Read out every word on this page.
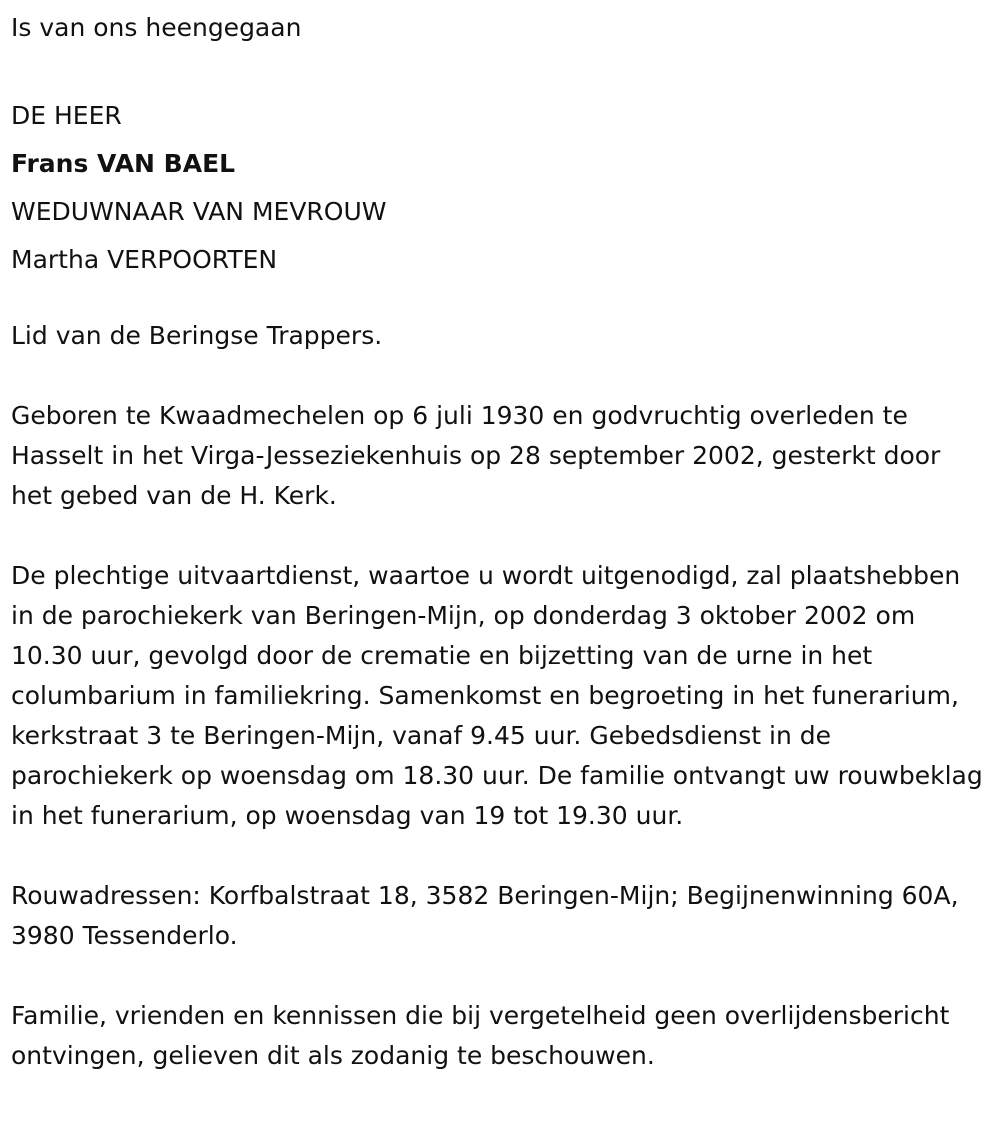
Is van ons heengegaan

DE HEER

Frans VAN BAEL

WEDUWNAAR VAN MEVROUW

Martha VERPOORTEN

Lid van de Beringse Trappers.

Geboren te Kwaadmechelen op 6 juli 1930 en godvruchtig overleden te Hasselt in het Virga-Jesseziekenhuis op 28 september 2002, gesterkt door het gebed van de H. Kerk.

De plechtige uitvaartdienst, waartoe u wordt uitgenodigd, zal plaatshebben in de parochiekerk van Beringen-Mijn, op donderdag 3 oktober 2002 om 10.30 uur, gevolgd door de crematie en bijzetting van de urne in het columbarium in familiekring. Samenkomst en begroeting in het funerarium, kerkstraat 3 te Beringen-Mijn, vanaf 9.45 uur. Gebedsdienst in de parochiekerk op woensdag om 18.30 uur. De familie ontvangt uw rouwbeklag in het funerarium, op woensdag van 19 tot 19.30 uur.

Rouwadressen: Korfbalstraat 18, 3582 Beringen-Mijn; Begijnenwinning 60A, 3980 Tessenderlo.

Familie, vrienden en kennissen die bij vergetelheid geen overlijdensbericht ontvingen, gelieven dit als zodanig te beschouwen.
